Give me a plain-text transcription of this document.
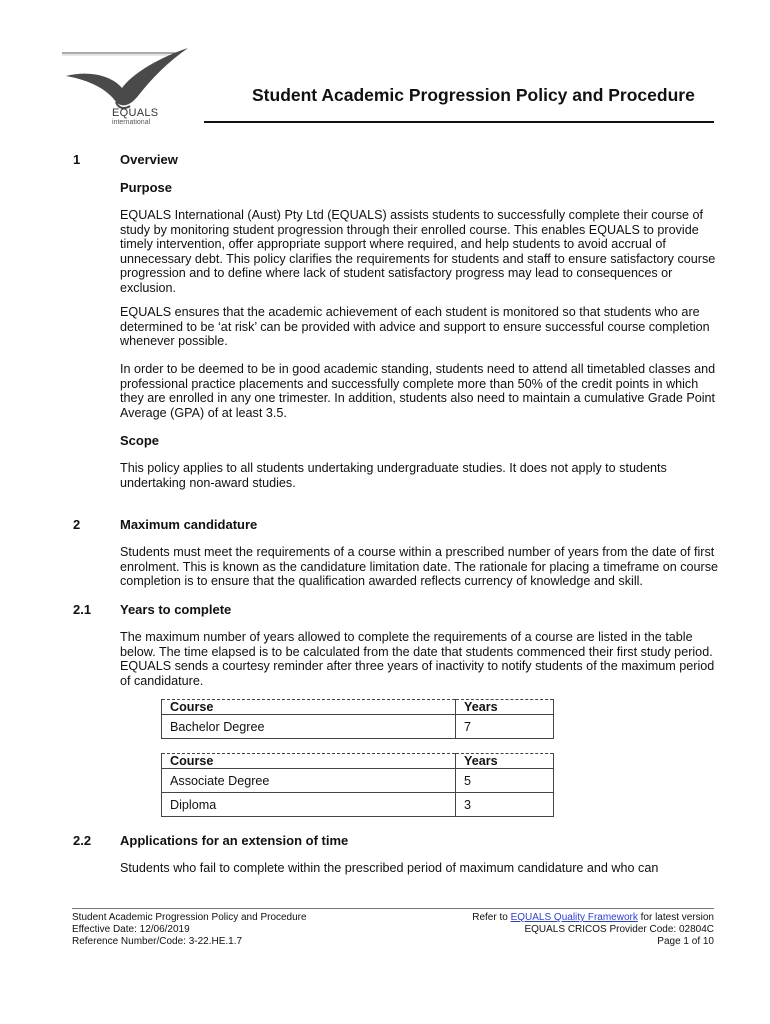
EQUALS
international
Student Academic Progression Policy and Procedure
1	Overview
Purpose
EQUALS International (Aust) Pty Ltd (EQUALS) assists students to successfully complete their course of study by monitoring student progression through their enrolled course. This enables EQUALS to provide timely intervention, offer appropriate support where required, and help students to avoid accrual of unnecessary debt. This policy clarifies the requirements for students and staff to ensure satisfactory course progression and to define where lack of student satisfactory progress may lead to consequences or exclusion.
EQUALS ensures that the academic achievement of each student is monitored so that students who are determined to be ‘at risk’ can be provided with advice and support to ensure successful course completion whenever possible.
In order to be deemed to be in good academic standing, students need to attend all timetabled classes and professional practice placements and successfully complete more than 50% of the credit points in which they are enrolled in any one trimester. In addition, students also need to maintain a cumulative Grade Point Average (GPA) of at least 3.5.
Scope
This policy applies to all students undertaking undergraduate studies. It does not apply to students undertaking non-award studies.
2	Maximum candidature
Students must meet the requirements of a course within a prescribed number of years from the date of first enrolment. This is known as the candidature limitation date. The rationale for placing a timeframe on course completion is to ensure that the qualification awarded reflects currency of knowledge and skill.
2.1 Years to complete
The maximum number of years allowed to complete the requirements of a course are listed in the table below. The time elapsed is to be calculated from the date that students commenced their first study period. EQUALS sends a courtesy reminder after three years of inactivity to notify students of the maximum period of candidature.
Course	Years
Bachelor Degree	7
Course	Years
Associate Degree	5
Diploma	3
2.2 Applications for an extension of time
Students who fail to complete within the prescribed period of maximum candidature and who can
Student Academic Progression Policy and Procedure
Effective Date: 12/06/2019
Reference Number/Code: 3-22.HE.1.7
Refer to EQUALS Quality Framework for latest version
EQUALS CRICOS Provider Code: 02804C
Page 1 of 10
